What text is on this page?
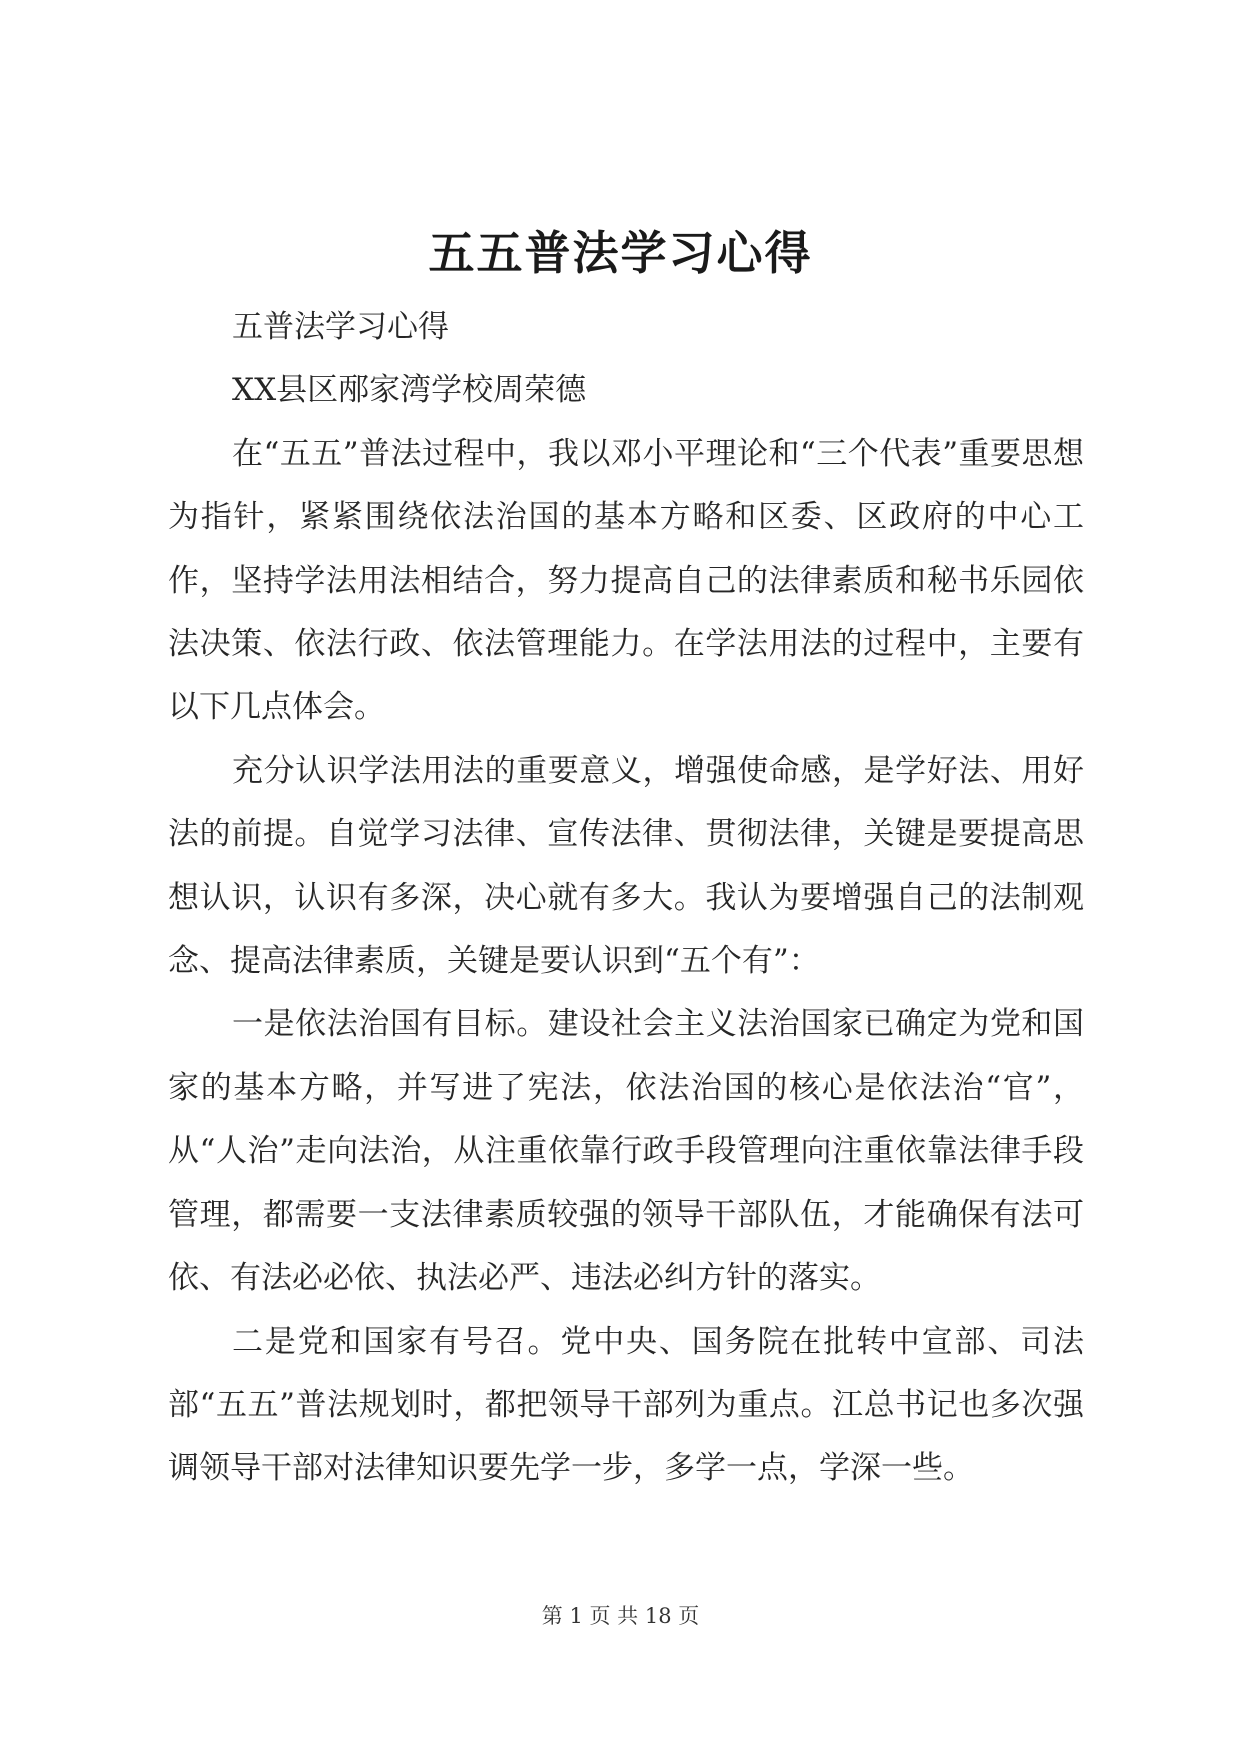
五五普法学习心得

五普法学习心得

XX县区邴家湾学校周荣德

在“五五”普法过程中，我以邓小平理论和“三个代表”重要思想为指针，紧紧围绕依法治国的基本方略和区委、区政府的中心工作，坚持学法用法相结合，努力提高自己的法律素质和秘书乐园依法决策、依法行政、依法管理能力。在学法用法的过程中，主要有以下几点体会。

充分认识学法用法的重要意义，增强使命感，是学好法、用好法的前提。自觉学习法律、宣传法律、贯彻法律，关键是要提高思想认识，认识有多深，决心就有多大。我认为要增强自己的法制观念、提高法律素质，关键是要认识到“五个有”：

一是依法治国有目标。建设社会主义法治国家已确定为党和国家的基本方略，并写进了宪法，依法治国的核心是依法治“官”，从“人治”走向法治，从注重依靠行政手段管理向注重依靠法律手段管理，都需要一支法律素质较强的领导干部队伍，才能确保有法可依、有法必必依、执法必严、违法必纠方针的落实。

二是党和国家有号召。党中央、国务院在批转中宣部、司法部“五五”普法规划时，都把领导干部列为重点。江总书记也多次强调领导干部对法律知识要先学一步，多学一点，学深一些。

第 1 页 共 18 页
